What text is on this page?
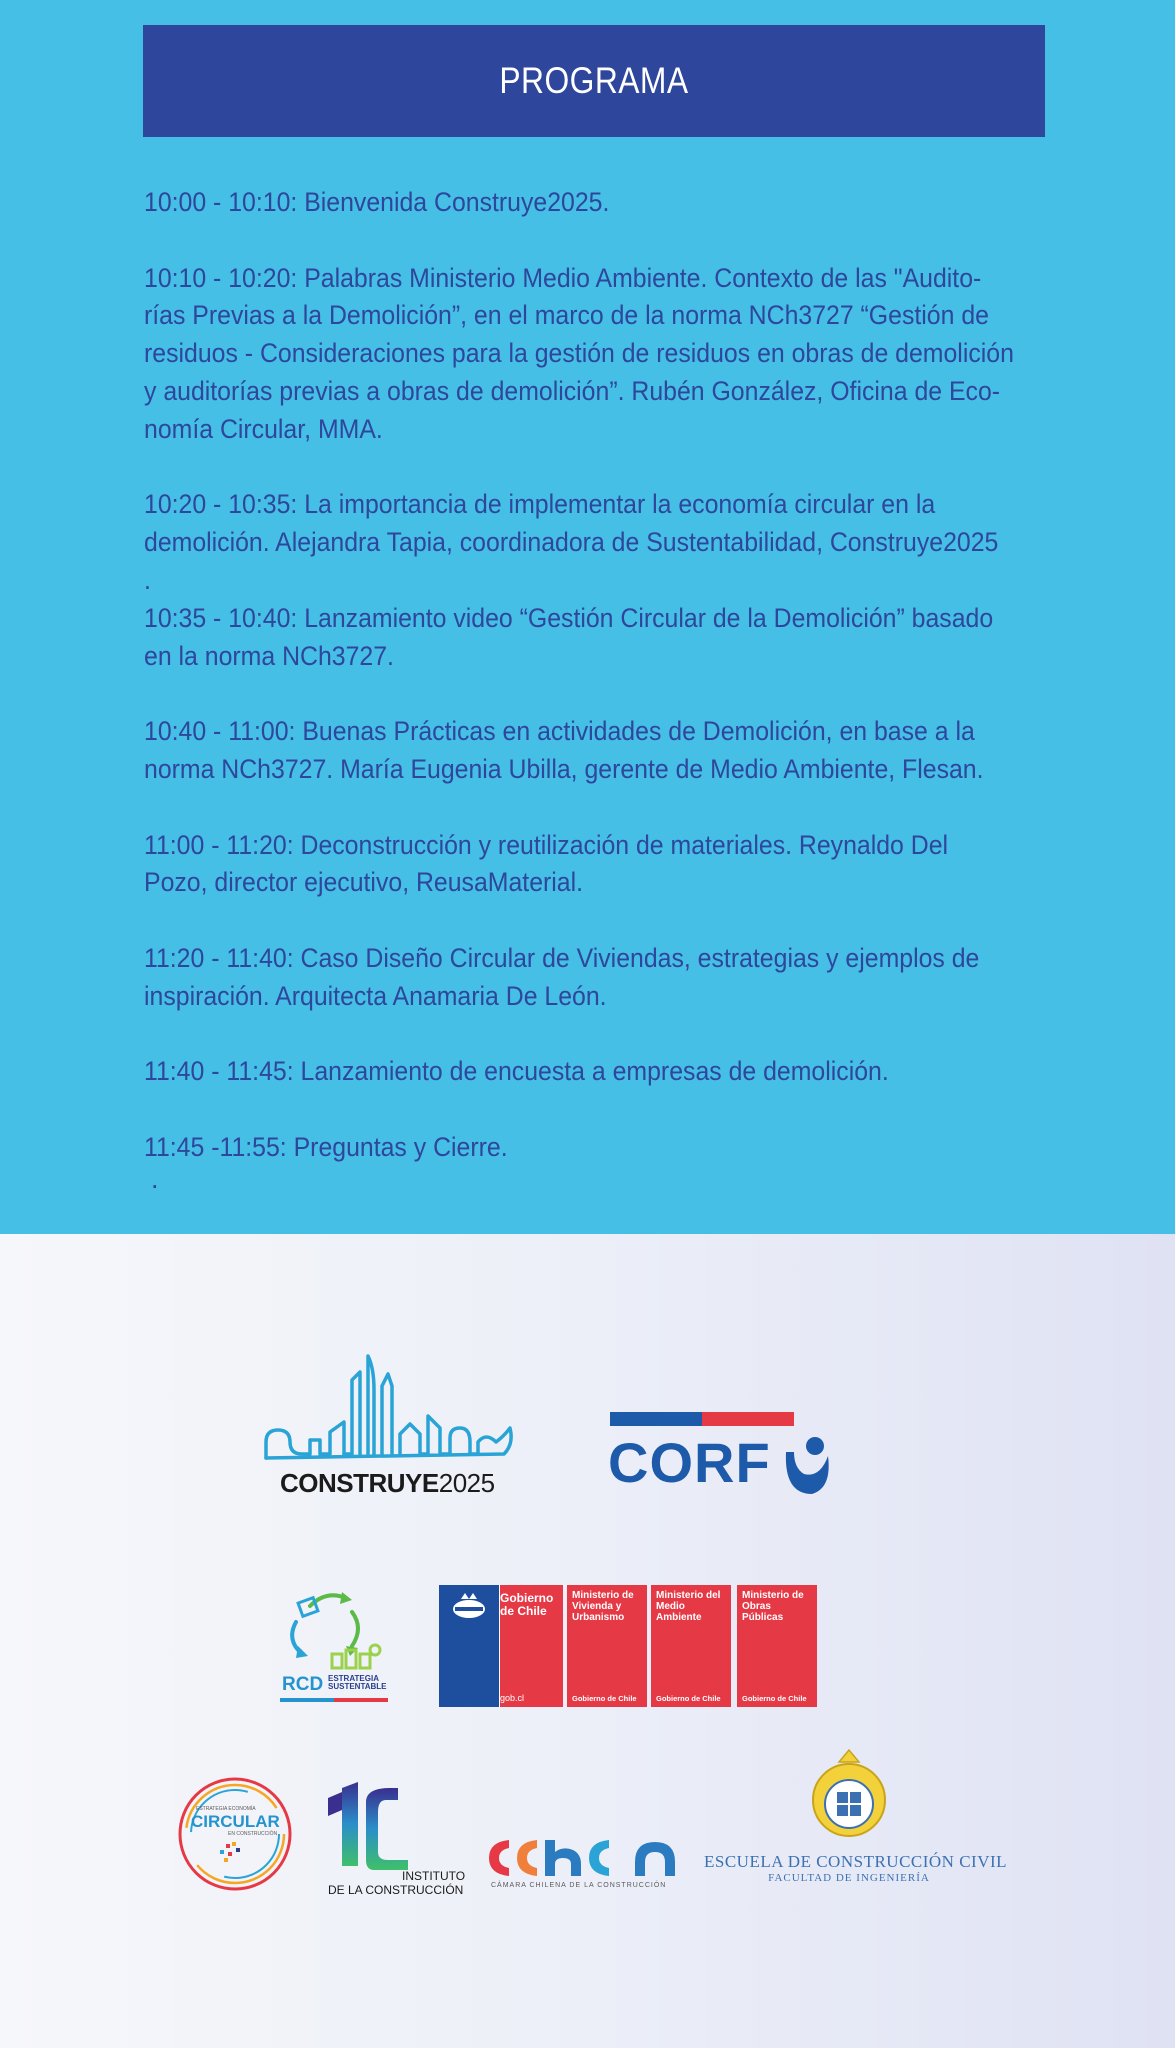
PROGRAMA
10:00 - 10:10: Bienvenida Construye2025.
10:10 - 10:20: Palabras Ministerio Medio Ambiente. Contexto de las "Audito-
rías Previas a la Demolición”, en el marco de la norma NCh3727 “Gestión de
residuos - Consideraciones para la gestión de residuos en obras de demolición
y auditorías previas a obras de demolición”. Rubén González, Oficina de Eco-
nomía Circular, MMA.
10:20 - 10:35: La importancia de implementar la economía circular en la
demolición. Alejandra Tapia, coordinadora de Sustentabilidad, Construye2025
.
10:35 - 10:40: Lanzamiento video “Gestión Circular de la Demolición” basado
en la norma NCh3727.
10:40 - 11:00: Buenas Prácticas en actividades de Demolición, en base a la
norma NCh3727. María Eugenia Ubilla, gerente de Medio Ambiente, Flesan.
11:00 - 11:20: Deconstrucción y reutilización de materiales. Reynaldo Del
Pozo, director ejecutivo, ReusaMaterial.
11:20 - 11:40: Caso Diseño Circular de Viviendas, estrategias y ejemplos de
inspiración. Arquitecta Anamaria De León.
11:40 - 11:45: Lanzamiento de encuesta a empresas de demolición.
11:45 -11:55: Preguntas y Cierre.
.
CONSTRUYE2025 CORF
RCD ESTRATEGIA
SUSTENTABLE
Gobierno
de Chile
gob.cl
Ministerio de
Vivienda y
Urbanismo
Gobierno de Chile
Ministerio del
Medio
Ambiente
Gobierno de Chile
Ministerio de
Obras
Públicas
Gobierno de Chile
ESTRATEGIA ECONOMÍA
CIRCULAR
EN CONSTRUCCIÓN
INSTITUTO
DE LA CONSTRUCCIÓN	CÁMARA CHILENA DE LA CONSTRUCCIÓN
ESCUELA DE CONSTRUCCIÓN CIVIL
FACULTAD DE INGENIERÍA
